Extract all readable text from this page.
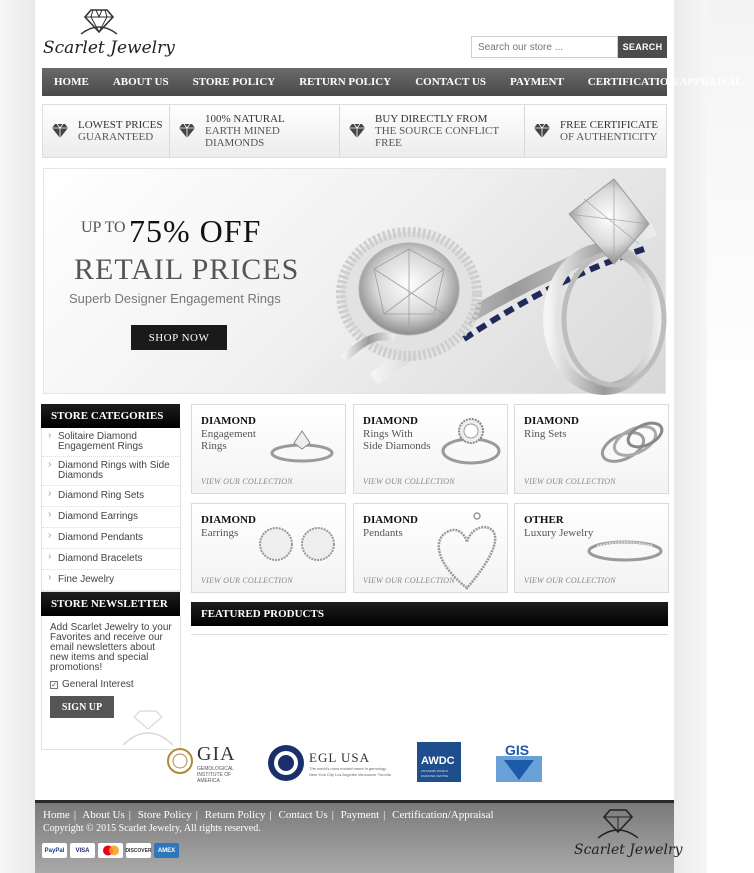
Scarlet Jewelry
Search our store ...	SEARCH
HOME	ABOUT US	STORE POLICY	RETURN POLICY	CONTACT US	PAYMENT	CERTIFICATION/APPRAISAL
LOWEST PRICES
GUARANTEED
100% NATURAL
EARTH MINED DIAMONDS
BUY DIRECTLY FROM
THE SOURCE CONFLICT FREE
FREE CERTIFICATE
OF AUTHENTICITY
UP TO 75% OFF
RETAIL PRICES
Superb Designer Engagement Rings
SHOP NOW
STORE CATEGORIES
› Solitaire Diamond Engagement Rings
› Diamond Rings with Side Diamonds
› Diamond Ring Sets
› Diamond Earrings
› Diamond Pendants
› Diamond Bracelets
› Fine Jewelry
STORE NEWSLETTER

Add Scarlet Jewelry to your Favorites and receive our email newsletters about new items and special promotions!

✓ General Interest
SIGN UP
DIAMOND
Engagement Rings
VIEW OUR COLLECTION
DIAMOND
Rings With Side Diamonds
VIEW OUR COLLECTION
DIAMOND
Ring Sets
VIEW OUR COLLECTION
DIAMOND
Earrings
VIEW OUR COLLECTION
DIAMOND
Pendants
VIEW OUR COLLECTION
OTHER
Luxury Jewelry
VIEW OUR COLLECTION
FEATURED PRODUCTS
GIA
GEMOLOGICAL
INSTITUTE OF
AMERICA
EGL USA
The world's most trusted name in gemology
New York City Los Angeles Vancouver Toronto
AWDC
ANTWERP WORLD
DIAMOND CENTRE
GIS
Home | About Us | Store Policy | Return Policy | Contact Us | Payment | Certification/Appraisal
Copyright © 2015 Scarlet Jewelry, All rights reserved.
PayPal	VISA	DISCOVER	AMEX	Scarlet Jewelry
